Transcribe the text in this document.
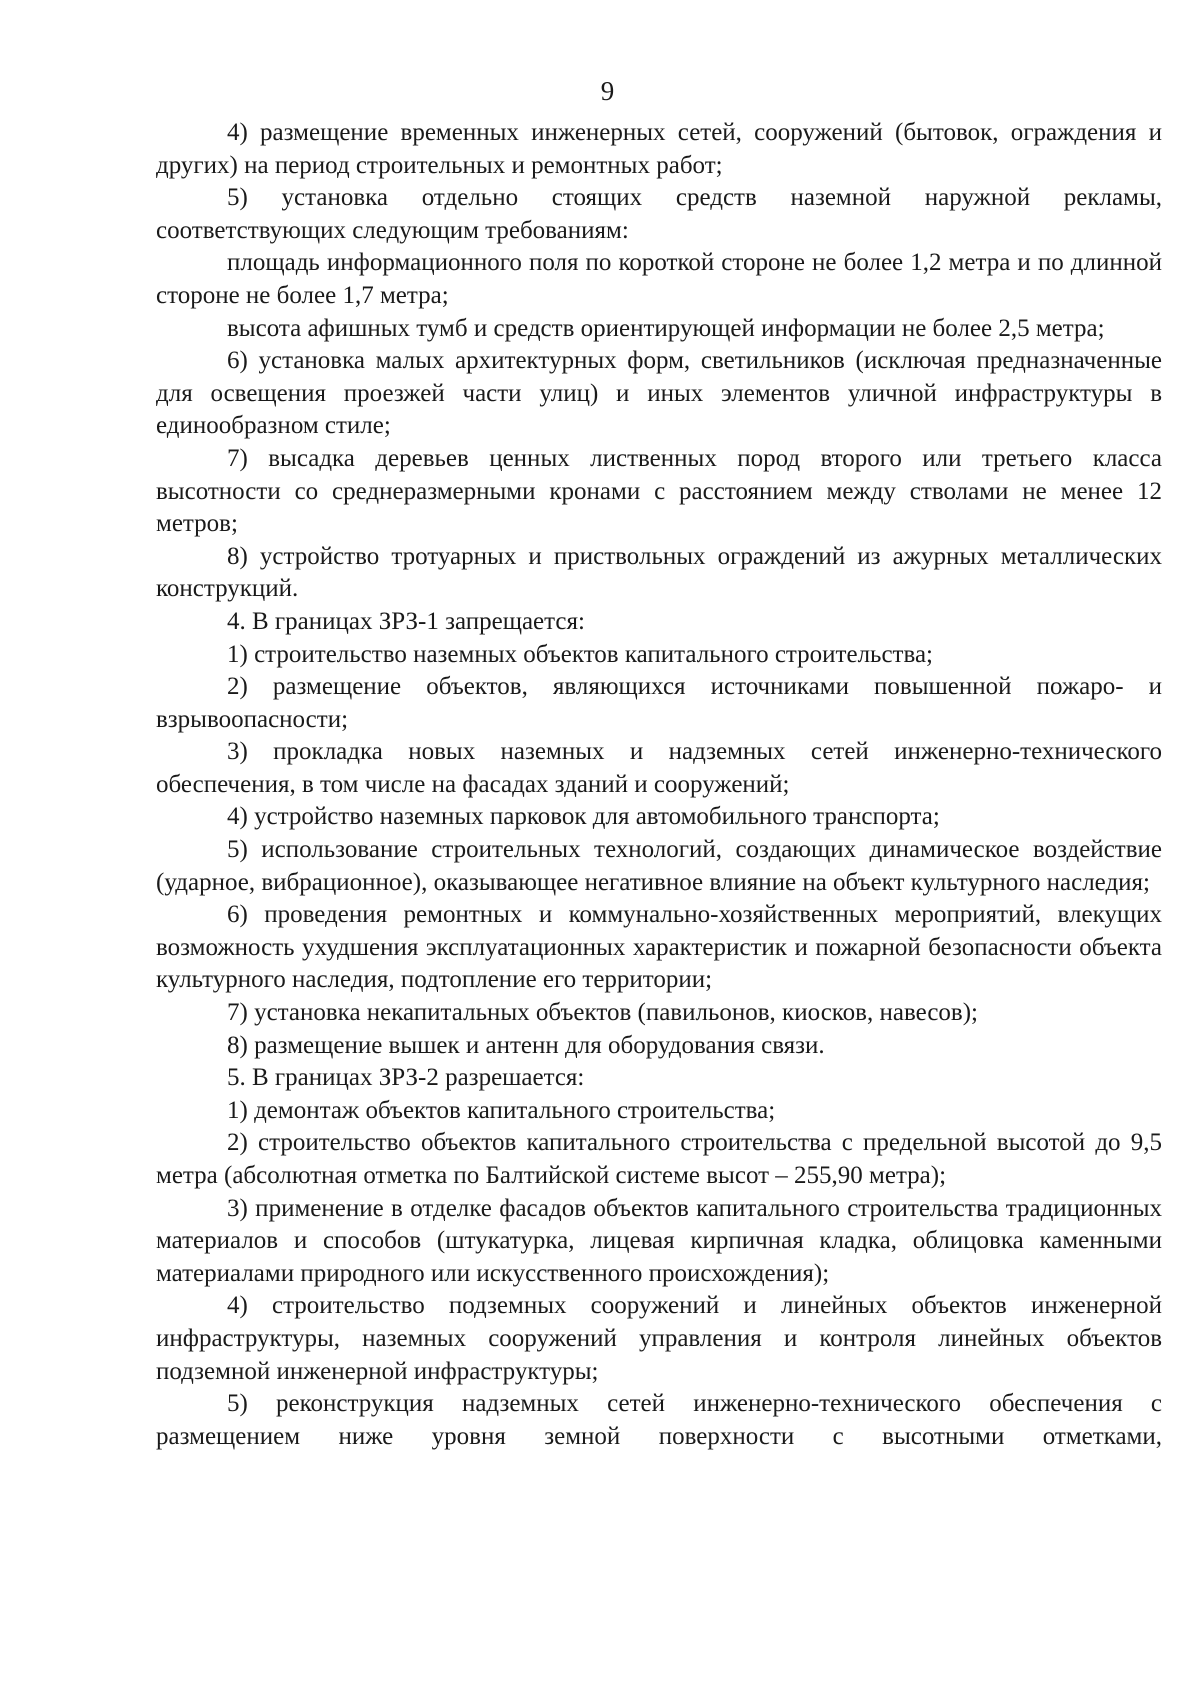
9

4) размещение временных инженерных сетей, сооружений (бытовок, ограждения и других) на период строительных и ремонтных работ;

5) установка отдельно стоящих средств наземной наружной рекламы, соответствующих следующим требованиям:

площадь информационного поля по короткой стороне не более 1,2 метра и по длинной стороне не более 1,7 метра;

высота афишных тумб и средств ориентирующей информации не более 2,5 метра;

6) установка малых архитектурных форм, светильников (исключая предназначенные для освещения проезжей части улиц) и иных элементов уличной инфраструктуры в единообразном стиле;

7) высадка деревьев ценных лиственных пород второго или третьего класса высотности со среднеразмерными кронами с расстоянием между стволами не менее 12 метров;

8) устройство тротуарных и приствольных ограждений из ажурных металлических конструкций.

4. В границах ЗРЗ-1 запрещается:

1) строительство наземных объектов капитального строительства;

2) размещение объектов, являющихся источниками повышенной пожаро- и взрывоопасности;

3) прокладка новых наземных и надземных сетей инженерно-технического обеспечения, в том числе на фасадах зданий и сооружений;

4) устройство наземных парковок для автомобильного транспорта;

5) использование строительных технологий, создающих динамическое воздействие (ударное, вибрационное), оказывающее негативное влияние на объект культурного наследия;

6) проведения ремонтных и коммунально-хозяйственных мероприятий, влекущих возможность ухудшения эксплуатационных характеристик и пожарной безопасности объекта культурного наследия, подтопление его территории;

7) установка некапитальных объектов (павильонов, киосков, навесов);

8) размещение вышек и антенн для оборудования связи.

5. В границах ЗРЗ-2 разрешается:

1) демонтаж объектов капитального строительства;

2) строительство объектов капитального строительства с предельной высотой до 9,5 метра (абсолютная отметка по Балтийской системе высот – 255,90 метра);

3) применение в отделке фасадов объектов капитального строительства традиционных материалов и способов (штукатурка, лицевая кирпичная кладка, облицовка каменными материалами природного или искусственного происхождения);

4) строительство подземных сооружений и линейных объектов инженерной инфраструктуры, наземных сооружений управления и контроля линейных объектов подземной инженерной инфраструктуры;

5) реконструкция надземных сетей инженерно-технического обеспечения с размещением ниже уровня земной поверхности с высотными отметками,
